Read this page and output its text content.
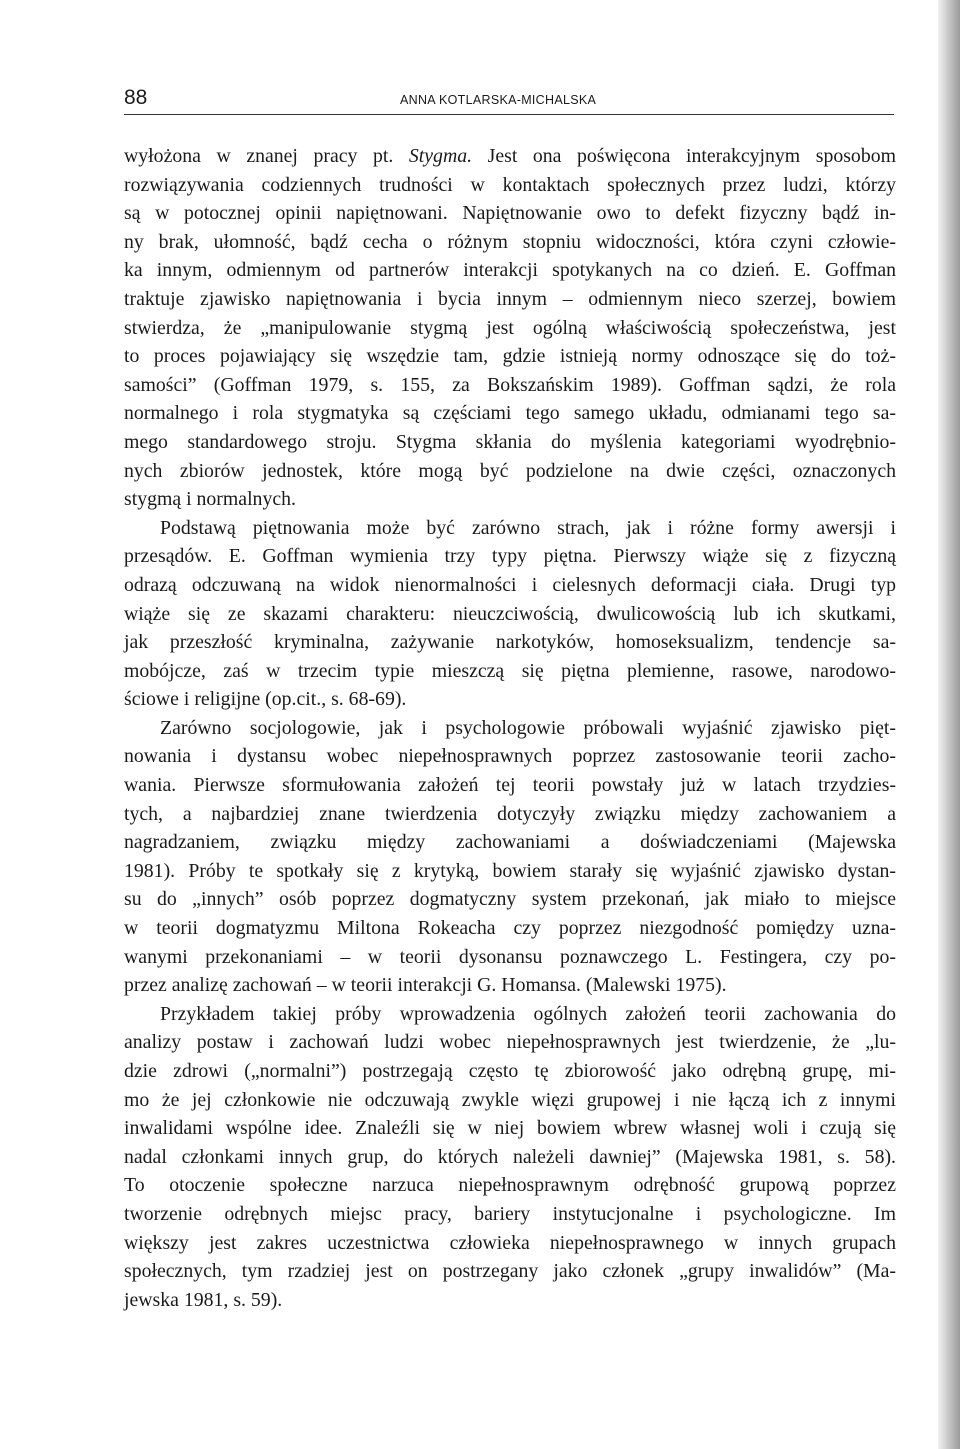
88	ANNA KOTLARSKA-MICHALSKA
wyłożona w znanej pracy pt. Stygma. Jest ona poświęcona interakcyjnym sposobom
rozwiązywania codziennych trudności w kontaktach społecznych przez ludzi, którzy
są w potocznej opinii napiętnowani. Napiętnowanie owo to defekt fizyczny bądź in-
ny brak, ułomność, bądź cecha o różnym stopniu widoczności, która czyni człowie-
ka innym, odmiennym od partnerów interakcji spotykanych na co dzień. E. Goffman
traktuje zjawisko napiętnowania i bycia innym – odmiennym nieco szerzej, bowiem
stwierdza, że „manipulowanie stygmą jest ogólną właściwością społeczeństwa, jest
to proces pojawiający się wszędzie tam, gdzie istnieją normy odnoszące się do toż-
samości” (Goffman 1979, s. 155, za Bokszańskim 1989). Goffman sądzi, że rola
normalnego i rola stygmatyka są częściami tego samego układu, odmianami tego sa-
mego standardowego stroju. Stygma skłania do myślenia kategoriami wyodrębnio-
nych zbiorów jednostek, które mogą być podzielone na dwie części, oznaczonych
stygmą i normalnych.
Podstawą piętnowania może być zarówno strach, jak i różne formy awersji i
przesądów. E. Goffman wymienia trzy typy piętna. Pierwszy wiąże się z fizyczną
odrazą odczuwaną na widok nienormalności i cielesnych deformacji ciała. Drugi typ
wiąże się ze skazami charakteru: nieuczciwością, dwulicowością lub ich skutkami,
jak przeszłość kryminalna, zażywanie narkotyków, homoseksualizm, tendencje sa-
mobójcze, zaś w trzecim typie mieszczą się piętna plemienne, rasowe, narodowo-
ściowe i religijne (op.cit., s. 68-69).
Zarówno socjologowie, jak i psychologowie próbowali wyjaśnić zjawisko pięt-
nowania i dystansu wobec niepełnosprawnych poprzez zastosowanie teorii zacho-
wania. Pierwsze sformułowania założeń tej teorii powstały już w latach trzydzies-
tych, a najbardziej znane twierdzenia dotyczyły związku między zachowaniem a
nagradzaniem, związku między zachowaniami a doświadczeniami (Majewska
1981). Próby te spotkały się z krytyką, bowiem starały się wyjaśnić zjawisko dystan-
su do „innych” osób poprzez dogmatyczny system przekonań, jak miało to miejsce
w teorii dogmatyzmu Miltona Rokeacha czy poprzez niezgodność pomiędzy uzna-
wanymi przekonaniami – w teorii dysonansu poznawczego L. Festingera, czy po-
przez analizę zachowań – w teorii interakcji G. Homansa. (Malewski 1975).
Przykładem takiej próby wprowadzenia ogólnych założeń teorii zachowania do
analizy postaw i zachowań ludzi wobec niepełnosprawnych jest twierdzenie, że „lu-
dzie zdrowi („normalni”) postrzegają często tę zbiorowość jako odrębną grupę, mi-
mo że jej członkowie nie odczuwają zwykle więzi grupowej i nie łączą ich z innymi
inwalidami wspólne idee. Znaleźli się w niej bowiem wbrew własnej woli i czują się
nadal członkami innych grup, do których należeli dawniej” (Majewska 1981, s. 58).
To otoczenie społeczne narzuca niepełnosprawnym odrębność grupową poprzez
tworzenie odrębnych miejsc pracy, bariery instytucjonalne i psychologiczne. Im
większy jest zakres uczestnictwa człowieka niepełnosprawnego w innych grupach
społecznych, tym rzadziej jest on postrzegany jako członek „grupy inwalidów” (Ma-
jewska 1981, s. 59).
